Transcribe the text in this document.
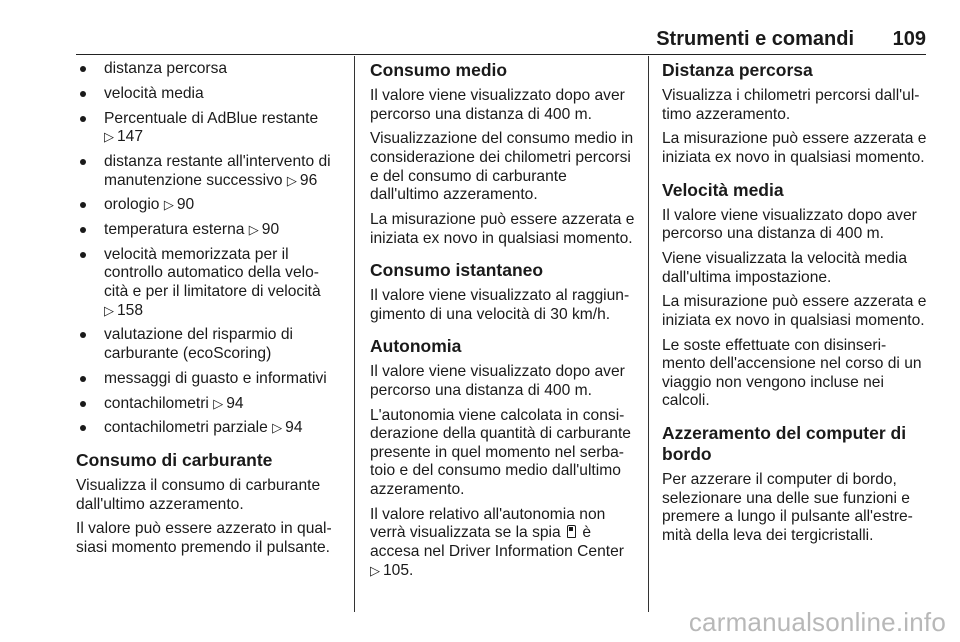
Strumenti e comandi 109
distanza percorsa
velocità media
Percentuale di AdBlue restante
▷ 147
distanza restante all'intervento di manutenzione successivo ▷ 96
orologio ▷ 90
temperatura esterna ▷ 90
velocità memorizzata per il controllo automatico della velo‑ cità e per il limitatore di velocità
▷ 158
valutazione del risparmio di carburante (ecoScoring)
messaggi di guasto e informativi
contachilometri ▷ 94
contachilometri parziale ▷ 94
Consumo di carburante

Visualizza il consumo di carburante dall'ultimo azzeramento.

Il valore può essere azzerato in qual‑ siasi momento premendo il pulsante.

Consumo medio

Il valore viene visualizzato dopo aver percorso una distanza di 400 m.

Visualizzazione del consumo medio in considerazione dei chilometri percorsi e del consumo di carburante dall'ultimo azzeramento.

La misurazione può essere azzerata e iniziata ex novo in qualsiasi momento.

Consumo istantaneo

Il valore viene visualizzato al raggiun‑ gimento di una velocità di 30 km/h.

Autonomia

Il valore viene visualizzato dopo aver percorso una distanza di 400 m.

L'autonomia viene calcolata in consi‑ derazione della quantità di carburante presente in quel momento nel serba‑ toio e del consumo medio dall'ultimo azzeramento.

Il valore relativo all'autonomia non verrà visualizzata se la spia è accesa nel Driver Information Center
▷ 105.

Distanza percorsa

Visualizza i chilometri percorsi dall'ul‑ timo azzeramento.

La misurazione può essere azzerata e iniziata ex novo in qualsiasi momento.

Velocità media

Il valore viene visualizzato dopo aver percorso una distanza di 400 m.

Viene visualizzata la velocità media dall'ultima impostazione.

La misurazione può essere azzerata e iniziata ex novo in qualsiasi momento.

Le soste effettuate con disinseri‑ mento dell'accensione nel corso di un viaggio non vengono incluse nei calcoli.

Azzeramento del computer di bordo

Per azzerare il computer di bordo, selezionare una delle sue funzioni e premere a lungo il pulsante all'estre‑ mità della leva dei tergicristalli.

carmanualsonline.info
